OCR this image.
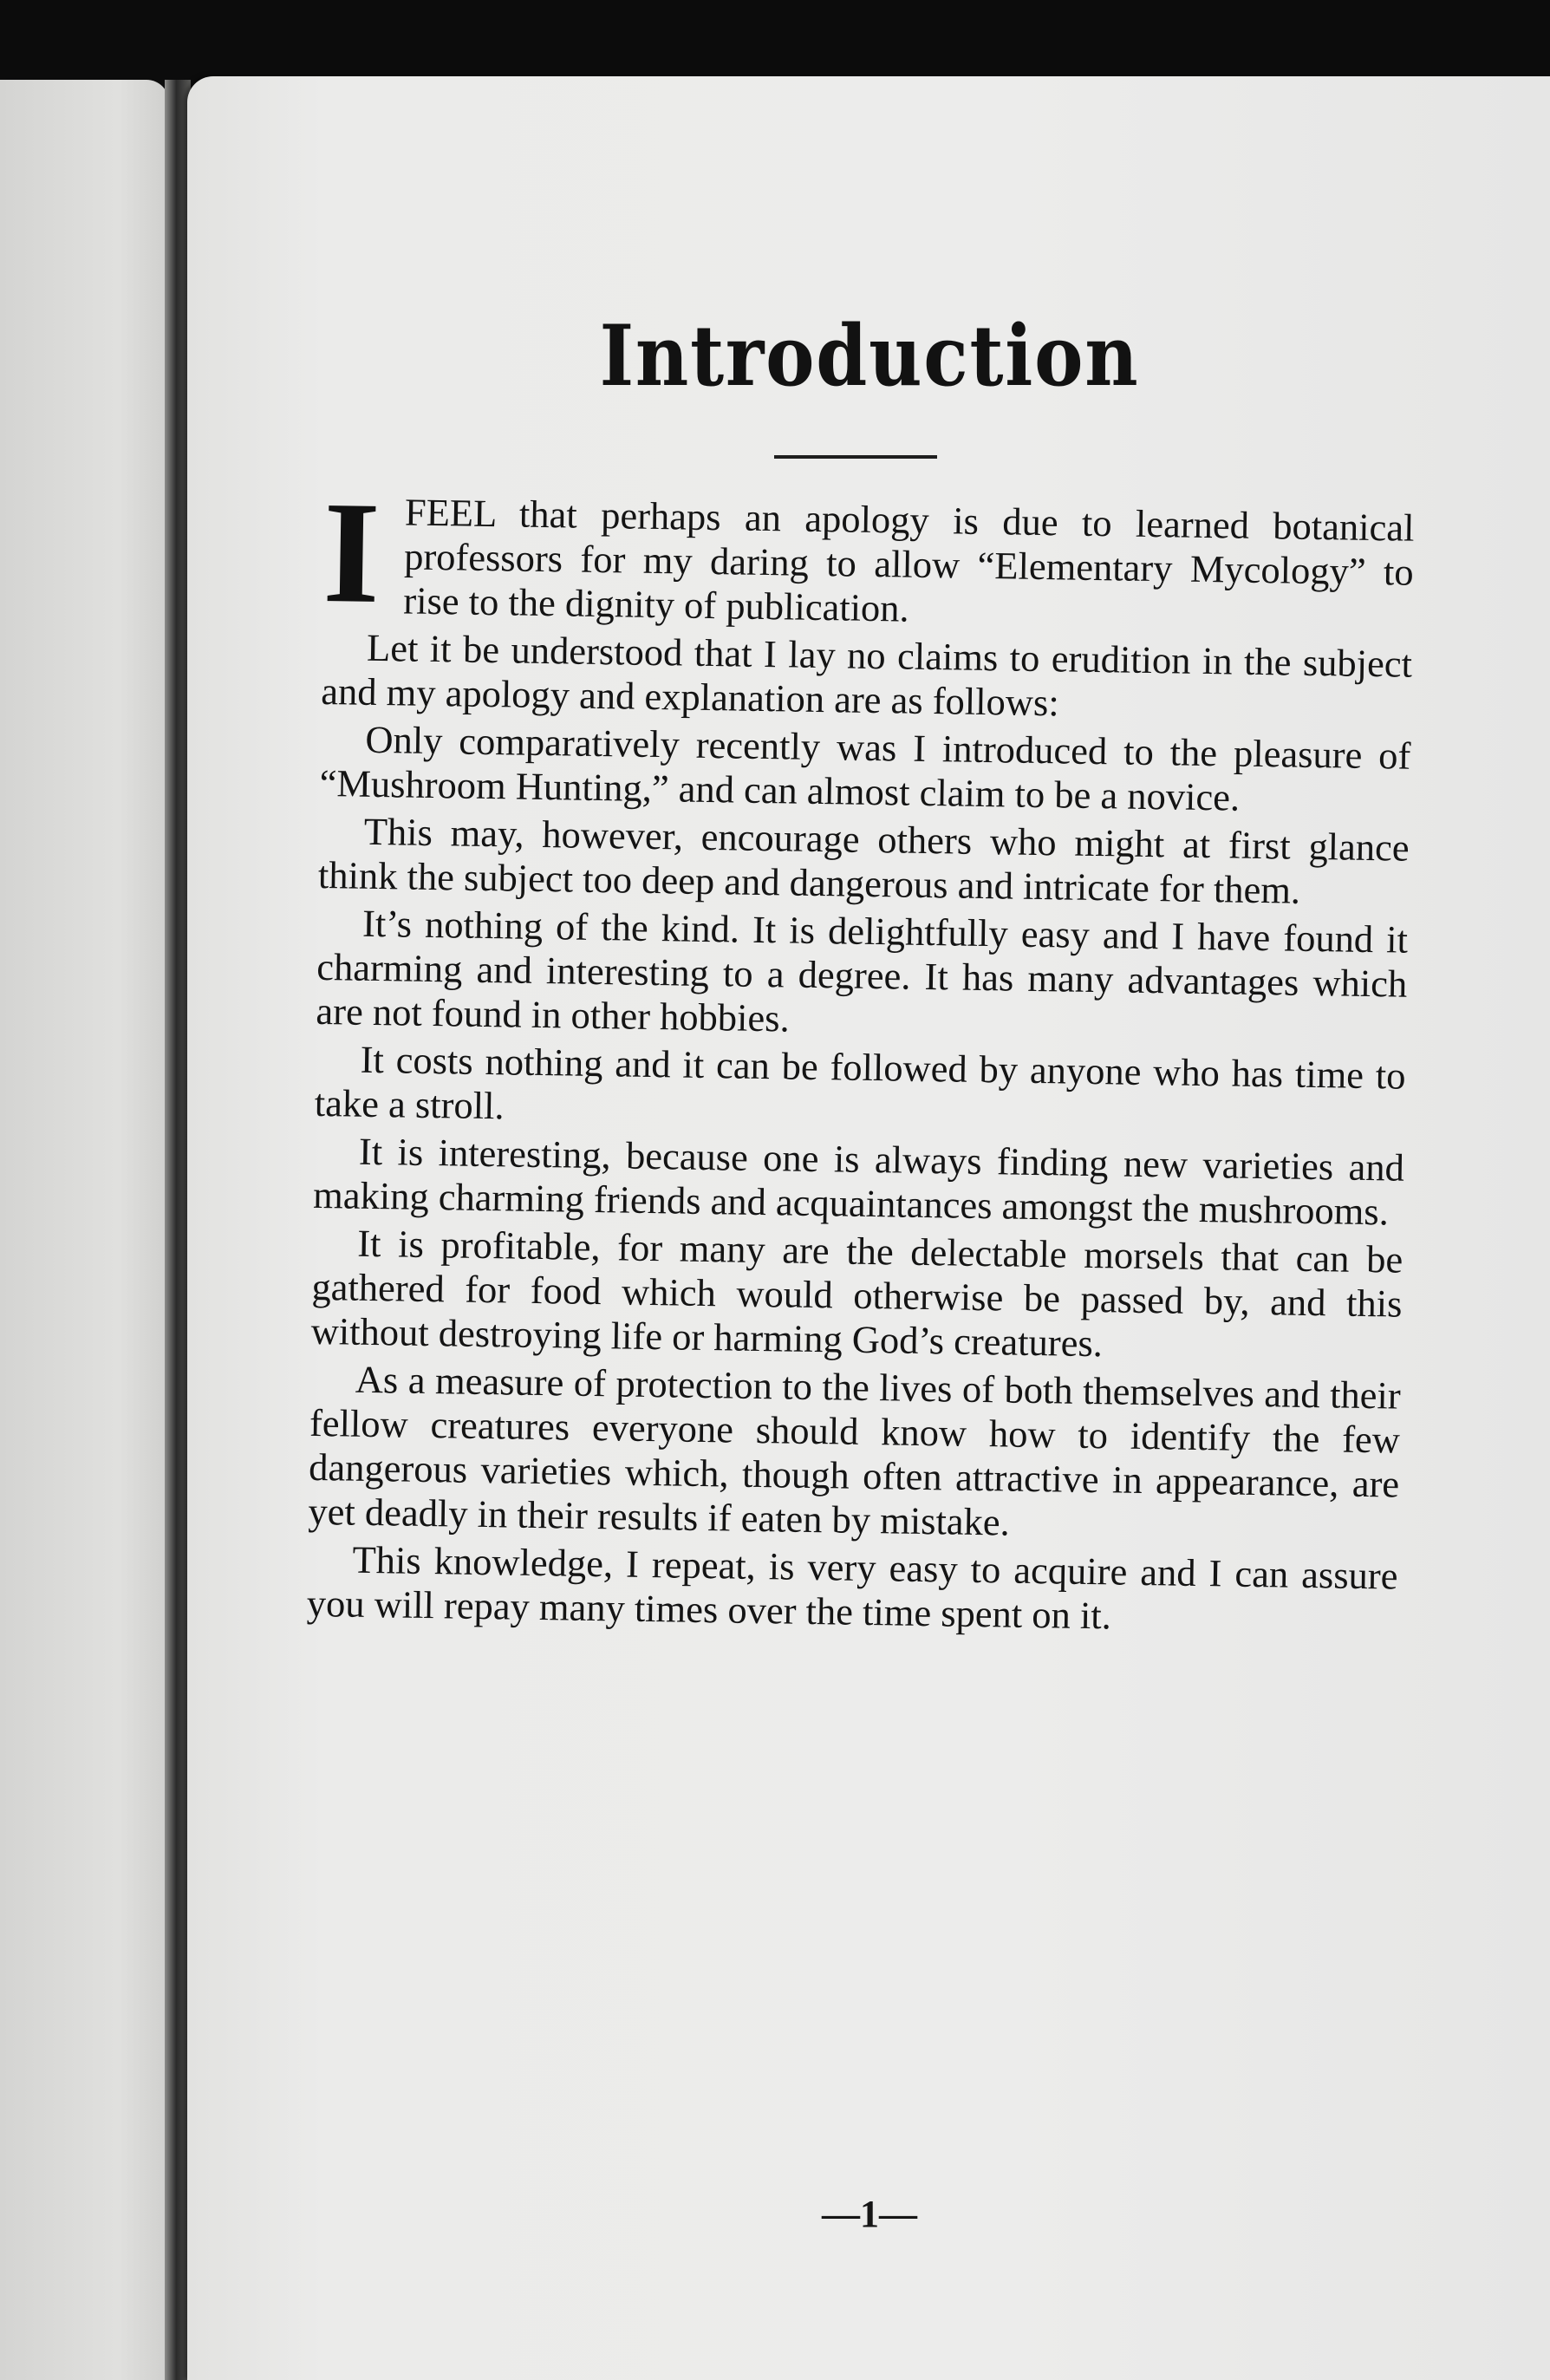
Introduction

IFEEL that perhaps an apology is due to learned botanical professors for my daring to allow “Elementary Mycology” to rise to the dignity of publication.

Let it be understood that I lay no claims to erudition in the subject and my apology and explanation are as follows:

Only comparatively recently was I introduced to the pleasure of “Mushroom Hunting,” and can almost claim to be a novice.

This may, however, encourage others who might at first glance think the subject too deep and dangerous and intricate for them.

It’s nothing of the kind. It is delightfully easy and I have found it charming and interesting to a degree. It has many advantages which are not found in other hobbies.

It costs nothing and it can be followed by anyone who has time to take a stroll.

It is interesting, because one is always finding new varieties and making charming friends and acquaintances amongst the mushrooms.

It is profitable, for many are the delectable morsels that can be gathered for food which would otherwise be passed by, and this without destroying life or harming God’s creatures.

As a measure of protection to the lives of both themselves and their fellow creatures everyone should know how to identify the few dangerous varieties which, though often attractive in appearance, are yet deadly in their results if eaten by mistake.

This knowledge, I repeat, is very easy to acquire and I can assure you will repay many times over the time spent on it.

—1—
